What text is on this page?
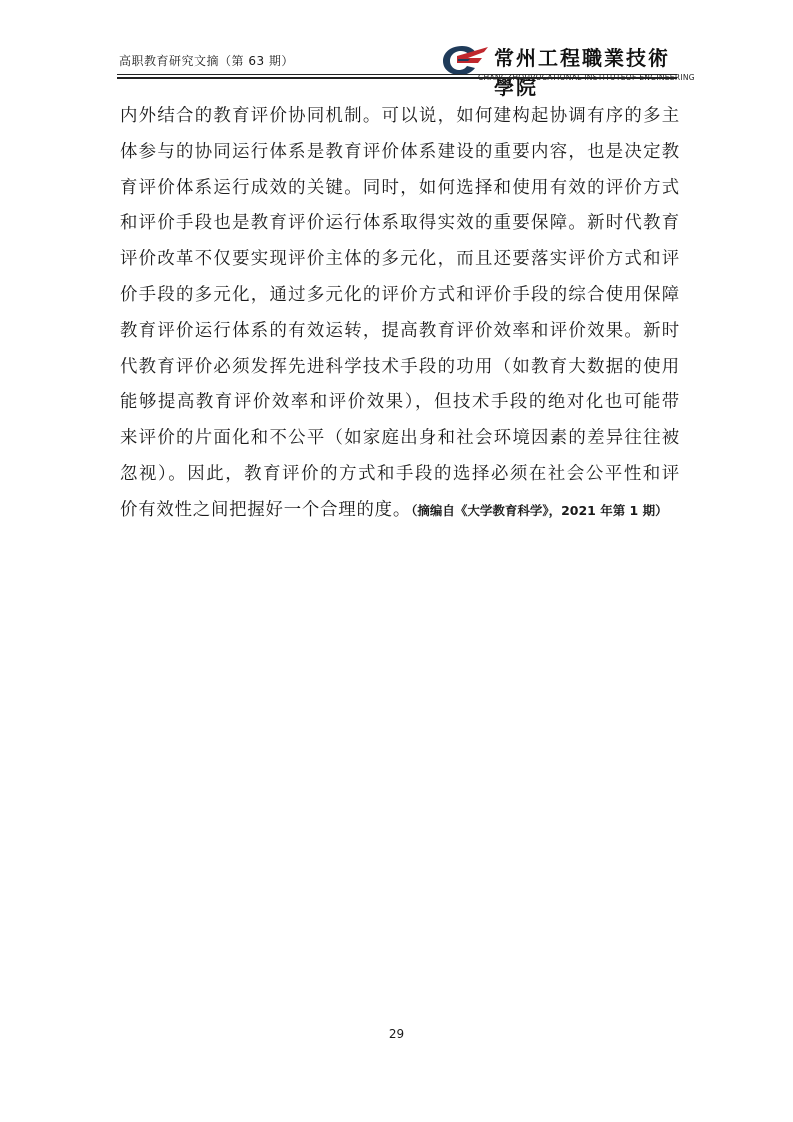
高职教育研究文摘（第 63 期）	常州工程職業技術學院
CHANGZHOUVOCATIONAL INSTITUTEOF ENGINEERING
内外结合的教育评价协同机制。可以说，如何建构起协调有序的多主
体参与的协同运行体系是教育评价体系建设的重要内容，也是决定教
育评价体系运行成效的关键。同时，如何选择和使用有效的评价方式
和评价手段也是教育评价运行体系取得实效的重要保障。新时代教育
评价改革不仅要实现评价主体的多元化，而且还要落实评价方式和评
价手段的多元化，通过多元化的评价方式和评价手段的综合使用保障
教育评价运行体系的有效运转，提高教育评价效率和评价效果。新时
代教育评价必须发挥先进科学技术手段的功用（如教育大数据的使用
能够提高教育评价效率和评价效果），但技术手段的绝对化也可能带
来评价的片面化和不公平（如家庭出身和社会环境因素的差异往往被
忽视）。因此，教育评价的方式和手段的选择必须在社会公平性和评
价有效性之间把握好一个合理的度。（摘编自《大学教育科学》，2021 年第 1 期）
29
